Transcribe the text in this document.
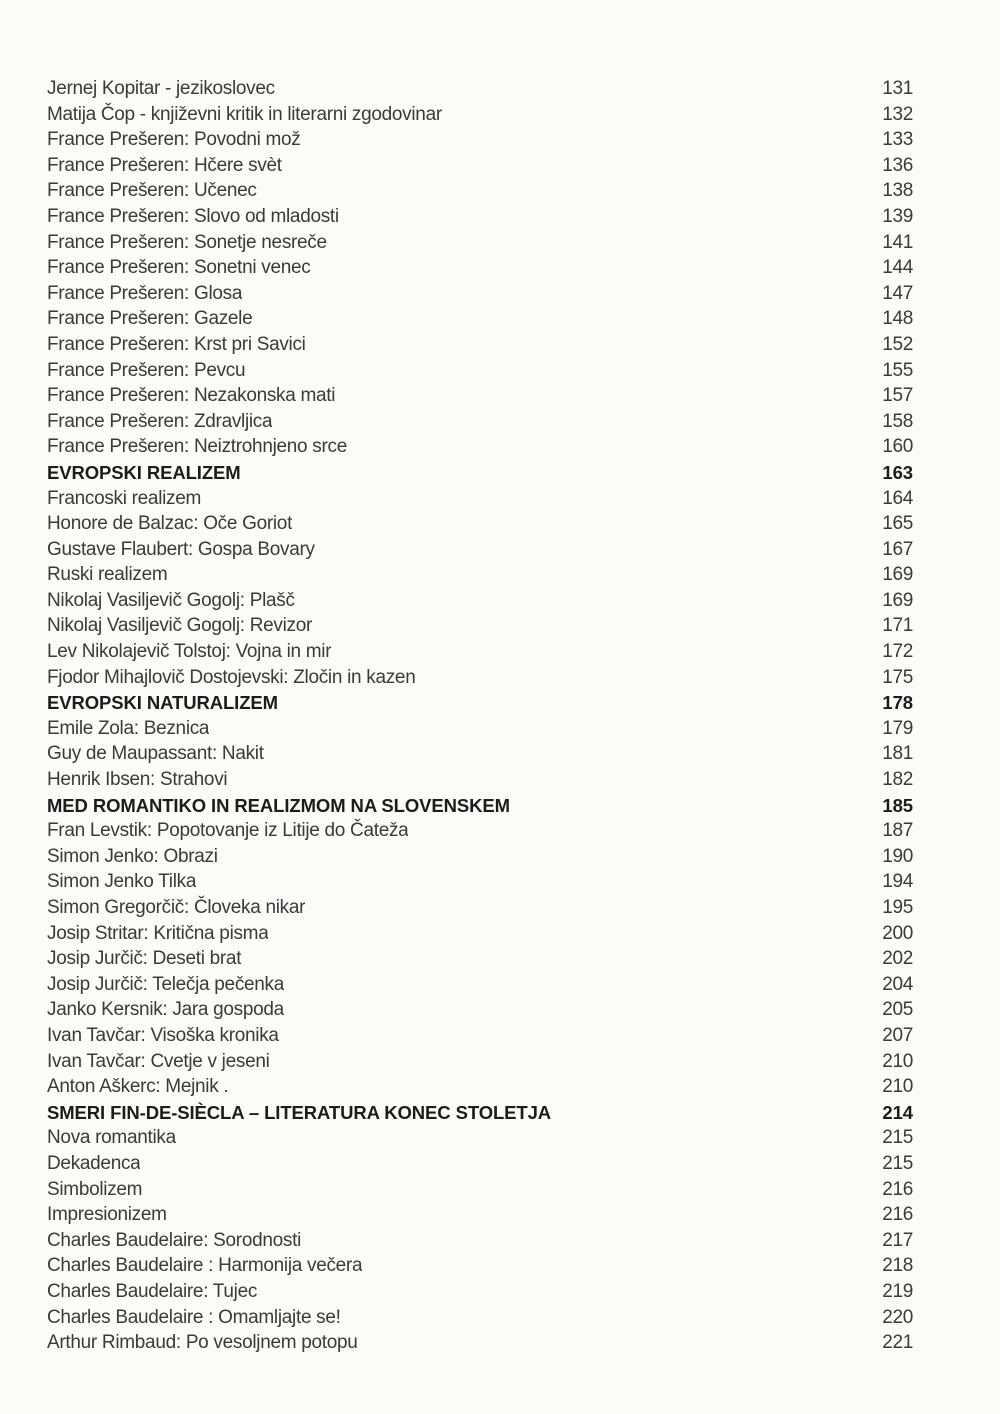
Jernej Kopitar - jezikoslovec	131
Matija Čop - književni kritik in literarni zgodovinar	132
France Prešeren: Povodni mož	133
France Prešeren: Hčere svèt	136
France Prešeren: Učenec	138
France Prešeren: Slovo od mladosti	139
France Prešeren: Sonetje nesreče	141
France Prešeren: Sonetni venec	144
France Prešeren: Glosa	147
France Prešeren: Gazele	148
France Prešeren: Krst pri Savici	152
France Prešeren: Pevcu	155
France Prešeren: Nezakonska mati	157
France Prešeren: Zdravljica	158
France Prešeren: Neiztrohnjeno srce	160
EVROPSKI REALIZEM	163
Francoski realizem	164
Honore de Balzac: Oče Goriot	165
Gustave Flaubert: Gospa Bovary	167
Ruski realizem	169
Nikolaj Vasiljevič Gogolj: Plašč	169
Nikolaj Vasiljevič Gogolj: Revizor	171
Lev Nikolajevič Tolstoj: Vojna in mir	172
Fjodor Mihajlovič Dostojevski: Zločin in kazen	175
EVROPSKI NATURALIZEM	178
Emile Zola: Beznica	179
Guy de Maupassant: Nakit	181
Henrik Ibsen: Strahovi	182
MED ROMANTIKO IN REALIZMOM NA SLOVENSKEM	185
Fran Levstik: Popotovanje iz Litije do Čateža	187
Simon Jenko: Obrazi	190
Simon Jenko Tilka	194
Simon Gregorčič: Človeka nikar	195
Josip Stritar: Kritična pisma	200
Josip Jurčič: Deseti brat	202
Josip Jurčič: Telečja pečenka	204
Janko Kersnik: Jara gospoda	205
Ivan Tavčar: Visoška kronika	207
Ivan Tavčar: Cvetje v jeseni	210
Anton Aškerc: Mejnik .	210
SMERI FIN-DE-SIÈCLA – LITERATURA KONEC STOLETJA	214
Nova romantika	215
Dekadenca	215
Simbolizem	216
Impresionizem	216
Charles Baudelaire: Sorodnosti	217
Charles Baudelaire : Harmonija večera	218
Charles Baudelaire: Tujec	219
Charles Baudelaire : Omamljajte se!	220
Arthur Rimbaud: Po vesoljnem potopu	221
